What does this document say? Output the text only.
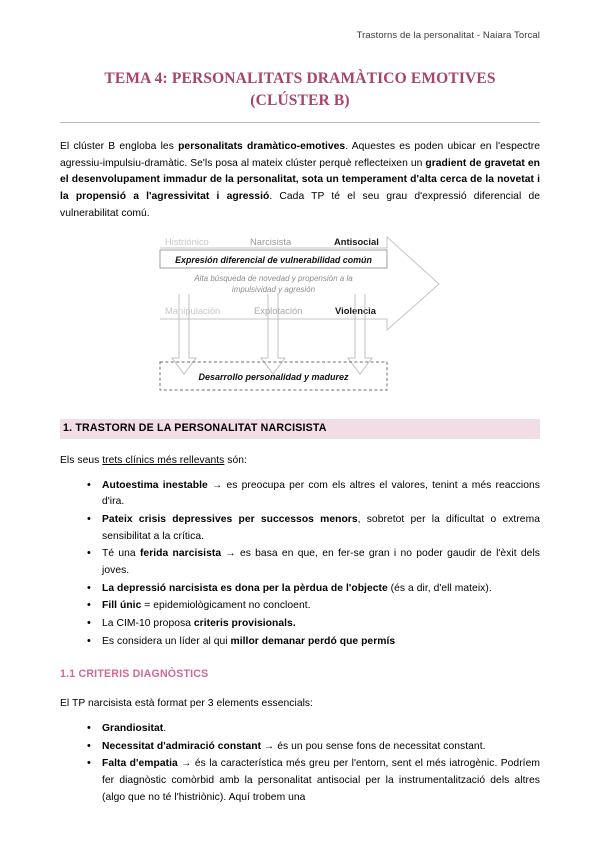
Trastorns de la personalitat - Naiara Torcal
TEMA 4: PERSONALITATS DRAMÀTICO EMOTIVES
(CLÚSTER B)

El clúster B engloba les personalitats dramàtico-emotives. Aquestes es poden ubicar en l'espectre agressiu-impulsiu-dramàtic. Se'ls posa al mateix clúster perquè reflecteixen un gradient de gravetat en el desenvolupament immadur de la personalitat, sota un temperament d'alta cerca de la novetat i la propensió a l'agressivitat i agressió. Cada TP té el seu grau d'expressió diferencial de vulnerabilitat comú.

Histriónico	Narcisista	Antisocial
Expresión diferencial de vulnerabilidad común
Alta búsqueda de novedad y propensión a la
impulsividad y agresión
Manipulación	Explotación	Violencia
Desarrollo personalidad y madurez
1. TRASTORN DE LA PERSONALITAT NARCISISTA

Els seus trets clínics més rellevants són:

• Autoestima inestable → es preocupa per com els altres el valores, tenint a més reaccions d'ira.
• Pateix crisis depressives per successos menors, sobretot per la dificultat o extrema sensibilitat a la crítica.
• Té una ferida narcisista → es basa en que, en fer-se gran i no poder gaudir de l'èxit dels joves.
• La depressió narcisista es dona per la pèrdua de l'objecte (és a dir, d'ell mateix).
• Fill únic = epidemiològicament no concloent.
• La CIM-10 proposa criteris provisionals.
• Es considera un líder al qui millor demanar perdó que permís
1.1 CRITERIS DIAGNÒSTICS

El TP narcisista està format per 3 elements essencials:

• Grandiositat.
• Necessitat d'admiració constant → és un pou sense fons de necessitat constant.
• Falta d'empatia → és la característica més greu per l'entorn, sent el més iatrogènic. Podríem fer diagnòstic comòrbid amb la personalitat antisocial per la instrumentalització dels altres (algo que no té l'histriònic). Aquí trobem una
